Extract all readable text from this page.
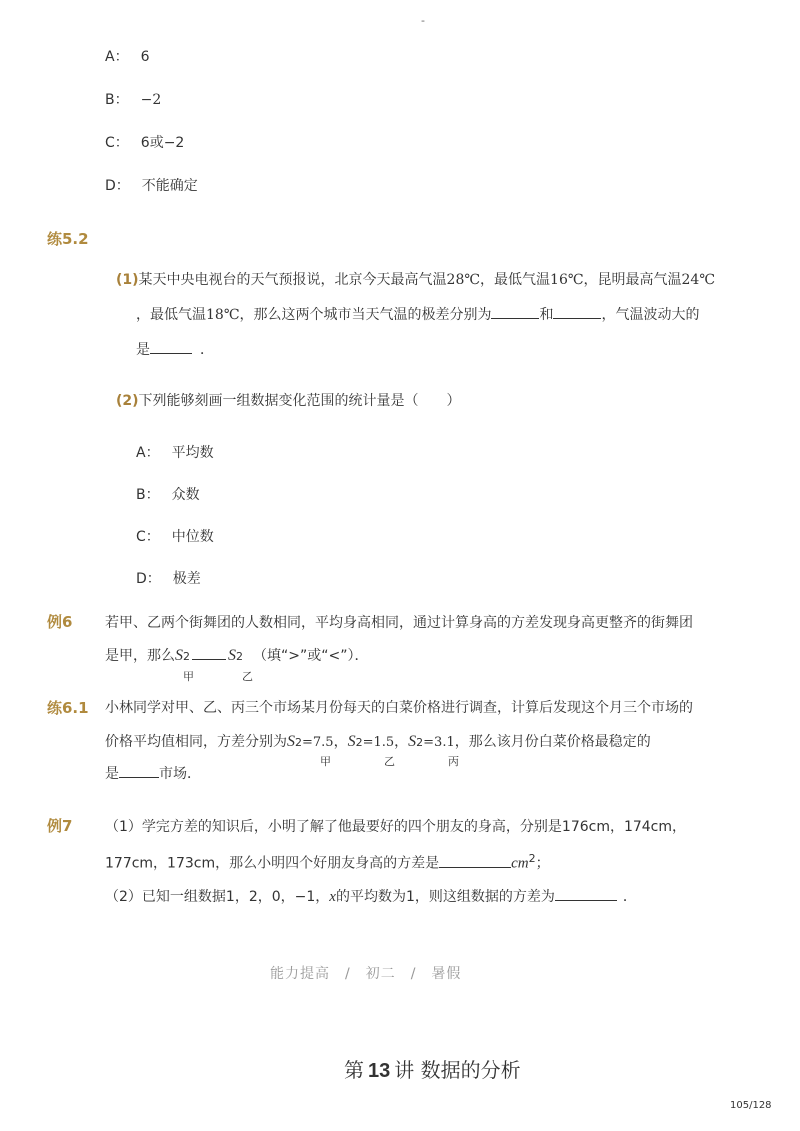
-
A： 6
B： −2
C： 6或−2
D： 不能确定
练5.2
(1)某天中央电视台的天气预报说，北京今天最高气温28℃，最低气温16℃，昆明最高气温24℃
，最低气温18℃，那么这两个城市当天气温的极差分别为	和	，气温波动大的
是	．
(2)下列能够刻画一组数据变化范围的统计量是（　　）
A： 平均数
B： 众数
C： 中位数
D： 极差
例6 若甲、乙两个街舞团的人数相同，平均身高相同，通过计算身高的方差发现身高更整齐的街舞团
是甲，那么S2 S2 （填“>”或“<”）．
甲	乙
练6.1 小林同学对甲、乙、丙三个市场某月份每天的白菜价格进行调查，计算后发现这个月三个市场的
价格平均值相同，方差分别为S2=7.5，S2=1.5，S2=3.1，那么该月份白菜价格最稳定的
甲	乙	丙
是	市场．
例7 （1）学完方差的知识后，小明了解了他最要好的四个朋友的身高，分别是176cm，174cm，
177cm，173cm，那么小明四个好朋友身高的方差是	$cm^2$；
（2）已知一组数据1，2，0，−1，x的平均数为1，则这组数据的方差为	．
能力提高　/　初二　/　暑假
第 13 讲 数据的分析
105/128
